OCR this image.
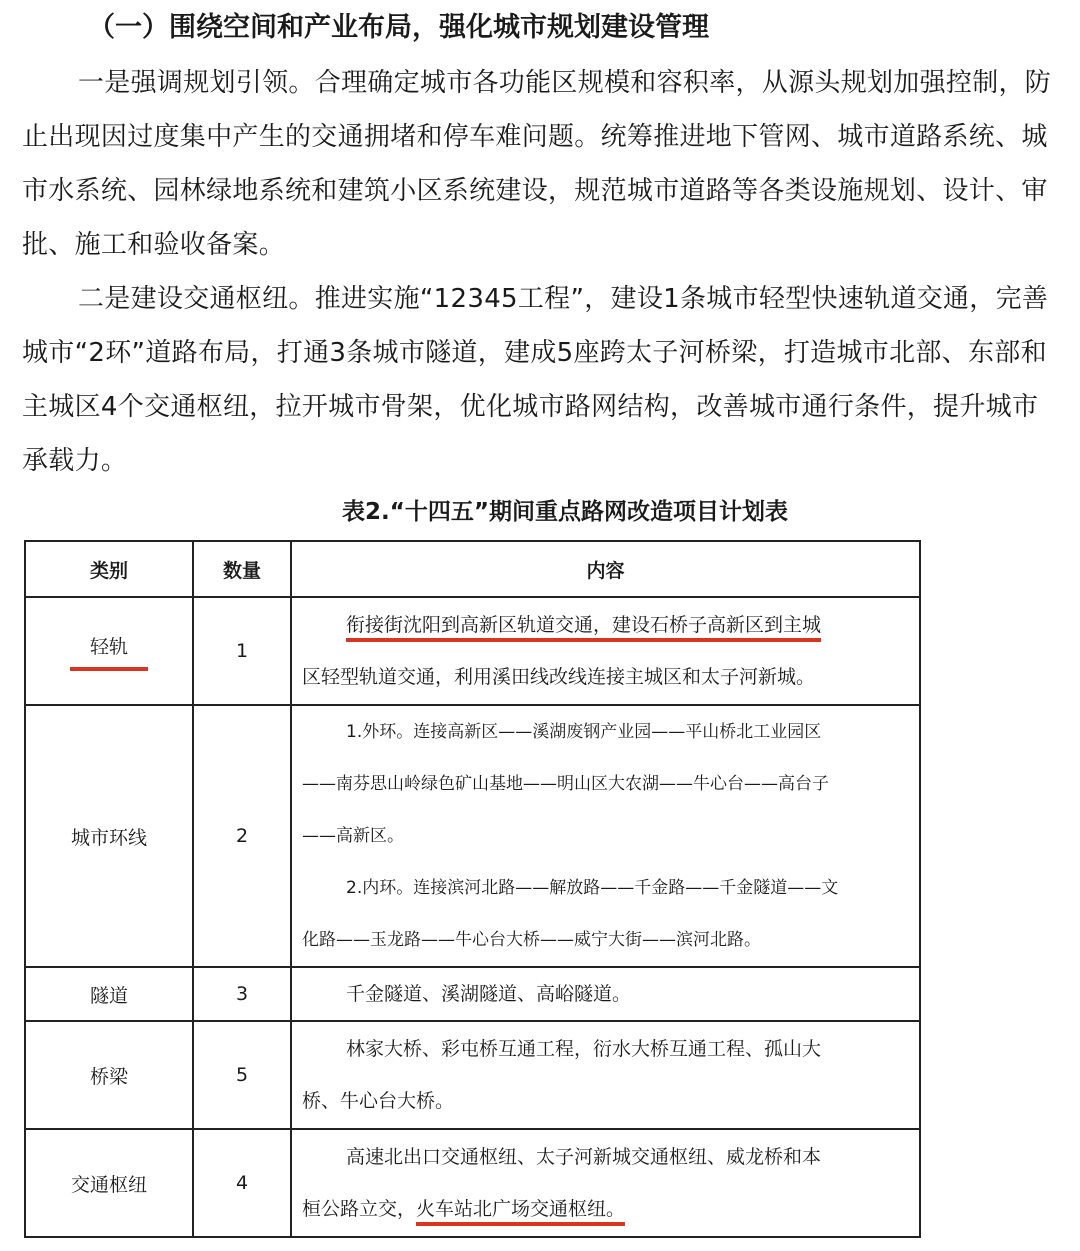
（一）围绕空间和产业布局，强化城市规划建设管理

一是强调规划引领。合理确定城市各功能区规模和容积率，从源头规划加强控制，防止出现因过度集中产生的交通拥堵和停车难问题。统筹推进地下管网、城市道路系统、城市水系统、园林绿地系统和建筑小区系统建设，规范城市道路等各类设施规划、设计、审批、施工和验收备案。

二是建设交通枢纽。推进实施“12345工程”，建设1条城市轻型快速轨道交通，完善城市“2环”道路布局，打通3条城市隧道，建成5座跨太子河桥梁，打造城市北部、东部和主城区4个交通枢纽，拉开城市骨架，优化城市路网结构，改善城市通行条件，提升城市承载力。

表2.“十四五”期间重点路网改造项目计划表
类别	数量	内容
轻轨	1	衔接街沈阳到高新区轨道交通，建设石桥子高新区到主城

区轻型轨道交通，利用溪田线改线连接主城区和太子河新城。

城市环线	2	1.外环。连接高新区——溪湖废钢产业园——平山桥北工业园区

——南芬思山岭绿色矿山基地——明山区大农湖——牛心台——高台子

——高新区。

2.内环。连接滨河北路——解放路——千金路——千金隧道——文

化路——玉龙路——牛心台大桥——威宁大街——滨河北路。

隧道	3	千金隧道、溪湖隧道、高峪隧道。

桥梁	5	林家大桥、彩屯桥互通工程，衍水大桥互通工程、孤山大

桥、牛心台大桥。

交通枢纽	4	高速北出口交通枢纽、太子河新城交通枢纽、威龙桥和本

桓公路立交，火车站北广场交通枢纽。
